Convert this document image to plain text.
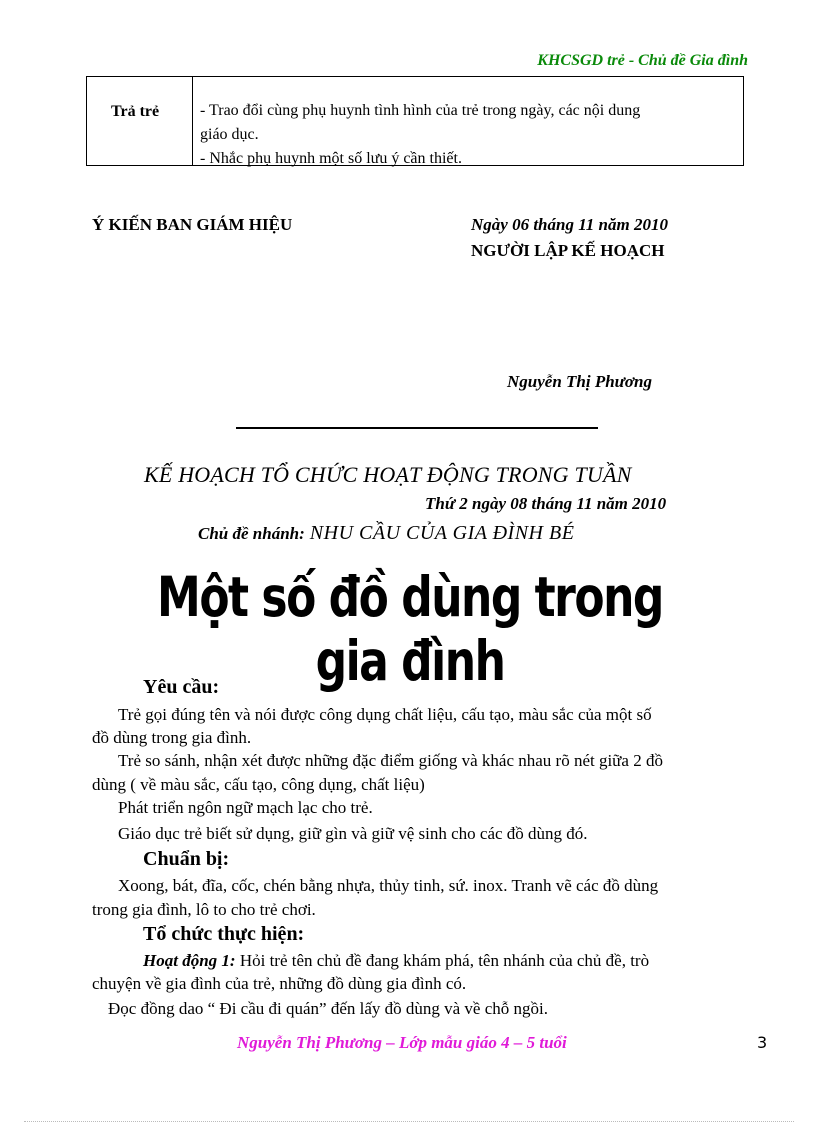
KHCSGD trẻ - Chủ đề Gia đình
Trả trẻ	- Trao đổi cùng phụ huynh tình hình của trẻ trong ngày, các nội dung
giáo dục.
- Nhắc phụ huynh một số lưu ý cần thiết.
Ý KIẾN BAN GIÁM HIỆU	Ngày 06 tháng 11 năm 2010
NGƯỜI LẬP KẾ HOẠCH
Nguyễn Thị Phương
KẾ HOẠCH TỔ CHỨC HOẠT ĐỘNG TRONG TUẦN
Thứ 2 ngày 08 tháng 11 năm 2010
Chủ đề nhánh: NHU CẦU CỦA GIA ĐÌNH BÉ
Một số đồ dùng trong gia đình
Yêu cầu:
Trẻ gọi đúng tên và nói được công dụng chất liệu, cấu tạo, màu sắc của một số
đồ dùng trong gia đình.
Trẻ so sánh, nhận xét được những đặc điểm giống và khác nhau rõ nét giữa 2 đồ
dùng ( về màu sắc, cấu tạo, công dụng, chất liệu)
Phát triển ngôn ngữ mạch lạc cho trẻ.
Giáo dục trẻ biết sử dụng, giữ gìn và giữ vệ sinh cho các đồ dùng đó.
Chuẩn bị:
Xoong, bát, đĩa, cốc, chén bằng nhựa, thủy tinh, sứ. inox. Tranh vẽ các đồ dùng
trong gia đình, lô to cho trẻ chơi.
Tổ chức thực hiện:
Hoạt động 1: Hỏi trẻ tên chủ đề đang khám phá, tên nhánh của chủ đề, trò
chuyện về gia đình của trẻ, những đồ dùng gia đình có.
Đọc đồng dao “ Đi cầu đi quán” đến lấy đồ dùng và về chỗ ngồi.
Nguyễn Thị Phương – Lớp mẫu giáo 4 – 5 tuổi	3
